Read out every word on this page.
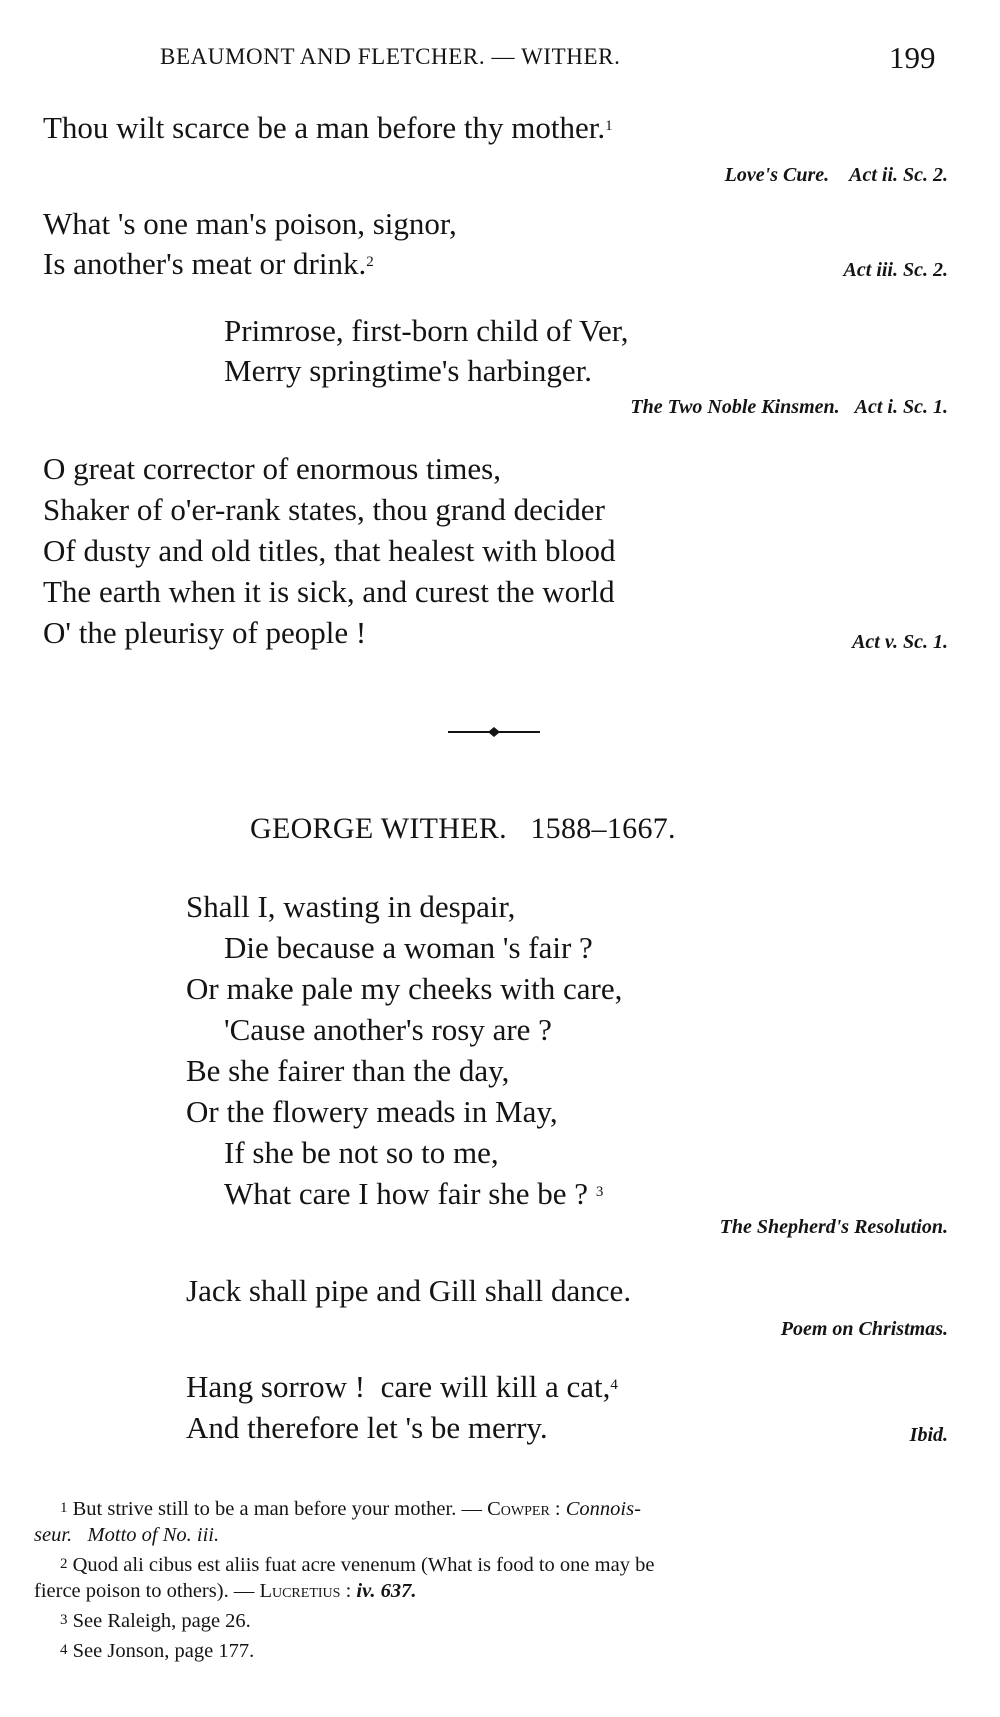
BEAUMONT AND FLETCHER. — WITHER.	199
Thou wilt scarce be a man before thy mother.$^1$
Love's Cure. Act ii. Sc. 2.
What 's one man's poison, signor,
Is another's meat or drink.$^2$	Act iii. Sc. 2.
Primrose, first-born child of Ver,
Merry springtime's harbinger.
The Two Noble Kinsmen. Act i. Sc. 1.
O great corrector of enormous times,
Shaker of o'er-rank states, thou grand decider
Of dusty and old titles, that healest with blood
The earth when it is sick, and curest the world
O' the pleurisy of people !	Act v. Sc. 1.
GEORGE WITHER.   1588–1667.
Shall I, wasting in despair,
Die because a woman 's fair ?
Or make pale my cheeks with care,
'Cause another's rosy are ?
Be she fairer than the day,
Or the flowery meads in May,
If she be not so to me,
What care I how fair she be ? $^3$
The Shepherd's Resolution.
Jack shall pipe and Gill shall dance.
Poem on Christmas.
Hang sorrow !  care will kill a cat,$^4$
And therefore let 's be merry.	Ibid.
$^1$ But strive still to be a man before your mother. — Cowper : Connois-
seur. Motto of No. iii.
$^2$ Quod ali cibus est aliis fuat acre venenum (What is food to one may be
fierce poison to others). — Lucretius : iv. 637.
$^3$ See Raleigh, page 26.
$^4$ See Jonson, page 177.
